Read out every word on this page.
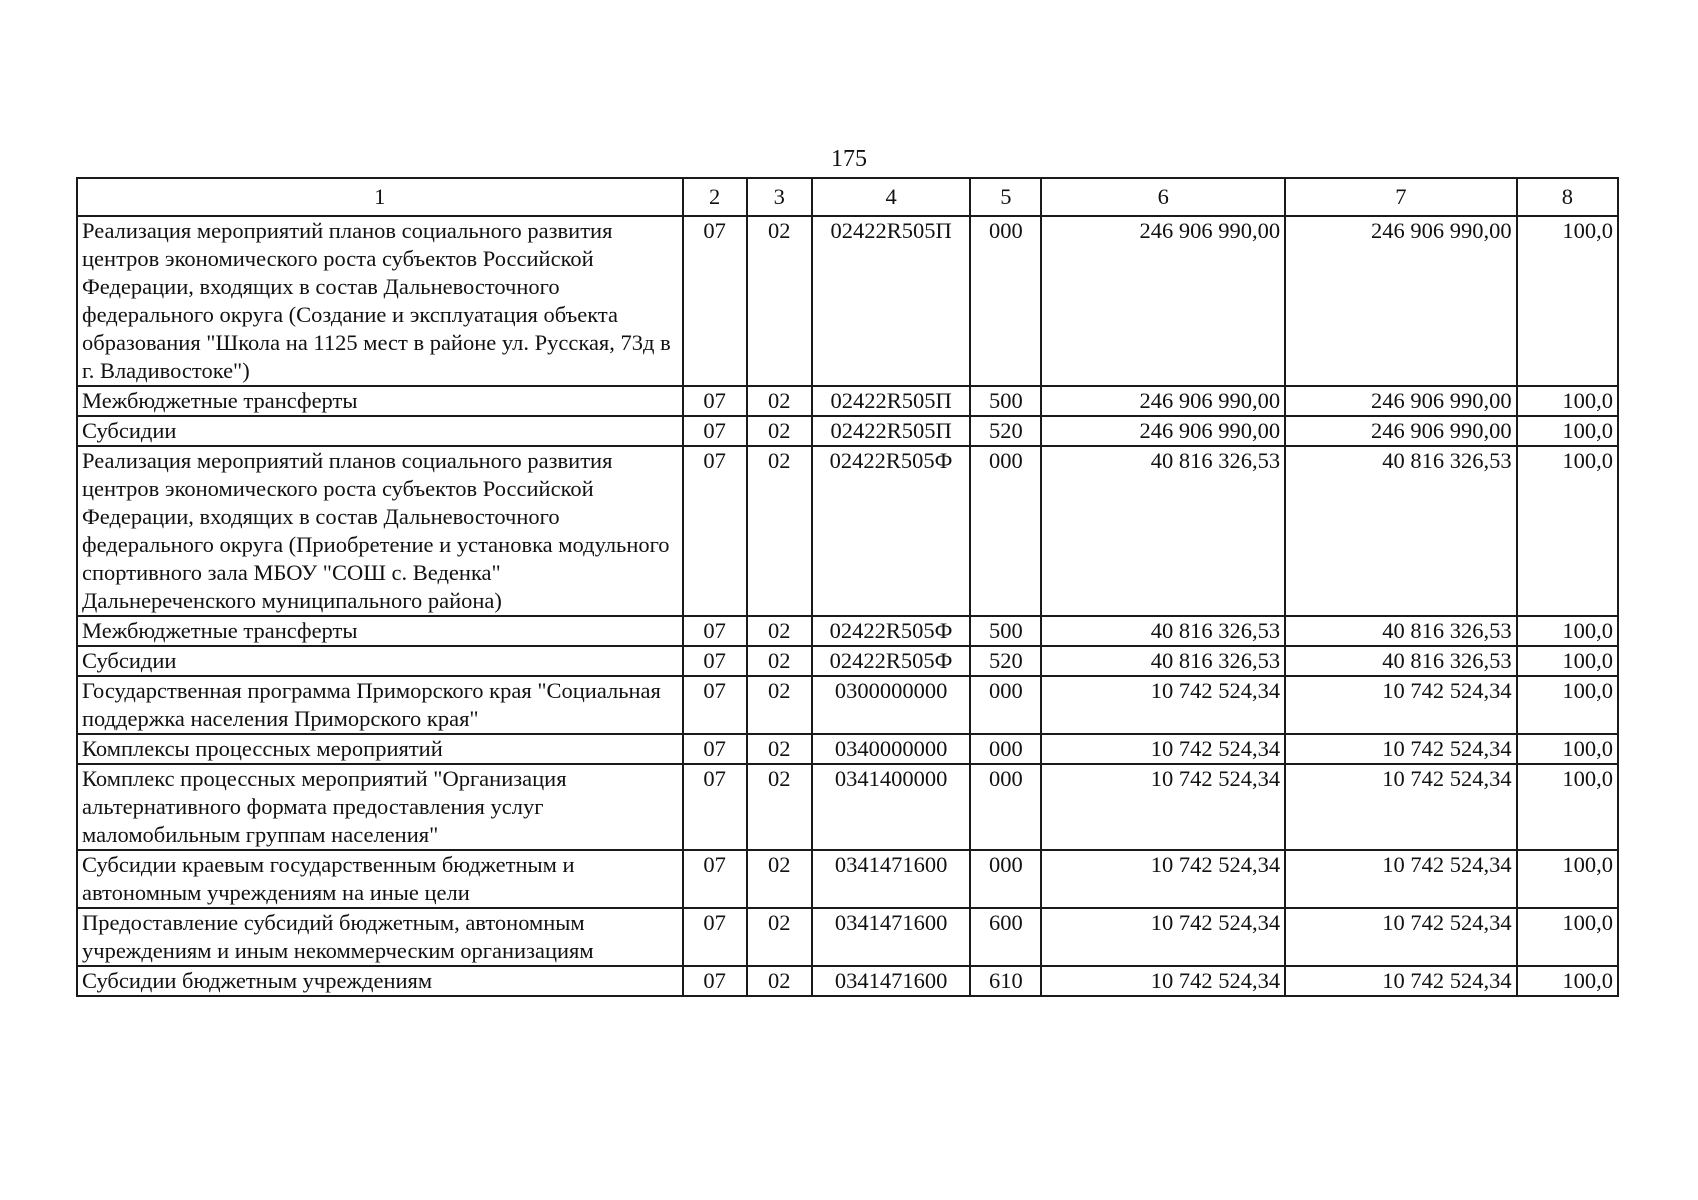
175
1	2	3	4	5	6	7	8
Реализация мероприятий планов социального развития центров экономического роста субъектов Российской Федерации, входящих в состав Дальневосточного федерального округа (Создание и эксплуатация объекта образования "Школа на 1125 мест в районе ул. Русская, 73д в г. Владивостоке")	07	02	02422R505П	000	246 906 990,00	246 906 990,00	100,0
Межбюджетные трансферты	07	02	02422R505П	500	246 906 990,00	246 906 990,00	100,0
Субсидии	07	02	02422R505П	520	246 906 990,00	246 906 990,00	100,0
Реализация мероприятий планов социального развития центров экономического роста субъектов Российской Федерации, входящих в состав Дальневосточного федерального округа (Приобретение и установка модульного спортивного зала МБОУ "СОШ с. Веденка" Дальнереченского муниципального района)	07	02	02422R505Ф	000	40 816 326,53	40 816 326,53	100,0
Межбюджетные трансферты	07	02	02422R505Ф	500	40 816 326,53	40 816 326,53	100,0
Субсидии	07	02	02422R505Ф	520	40 816 326,53	40 816 326,53	100,0
Государственная программа Приморского края "Социальная поддержка населения Приморского края"	07	02	0300000000	000	10 742 524,34	10 742 524,34	100,0
Комплексы процессных мероприятий	07	02	0340000000	000	10 742 524,34	10 742 524,34	100,0
Комплекс процессных мероприятий "Организация альтернативного формата предоставления услуг маломобильным группам населения"	07	02	0341400000	000	10 742 524,34	10 742 524,34	100,0
Субсидии краевым государственным бюджетным и автономным учреждениям на иные цели	07	02	0341471600	000	10 742 524,34	10 742 524,34	100,0
Предоставление субсидий бюджетным, автономным учреждениям и иным некоммерческим организациям	07	02	0341471600	600	10 742 524,34	10 742 524,34	100,0
Субсидии бюджетным учреждениям	07	02	0341471600	610	10 742 524,34	10 742 524,34	100,0
